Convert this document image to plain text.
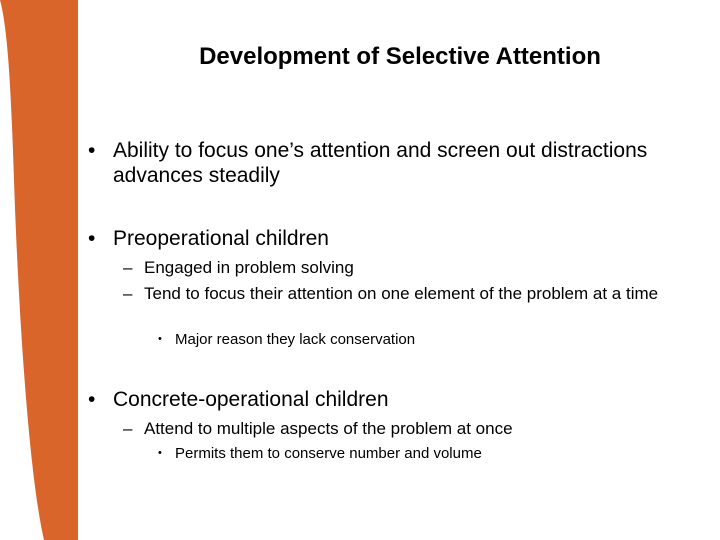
Development of Selective Attention
• Ability to focus one’s attention and screen out distractions advances steadily
• Preoperational children
– Engaged in problem solving
– Tend to focus their attention on one element of the problem at a time
• Major reason they lack conservation
• Concrete-operational children
– Attend to multiple aspects of the problem at once
• Permits them to conserve number and volume
